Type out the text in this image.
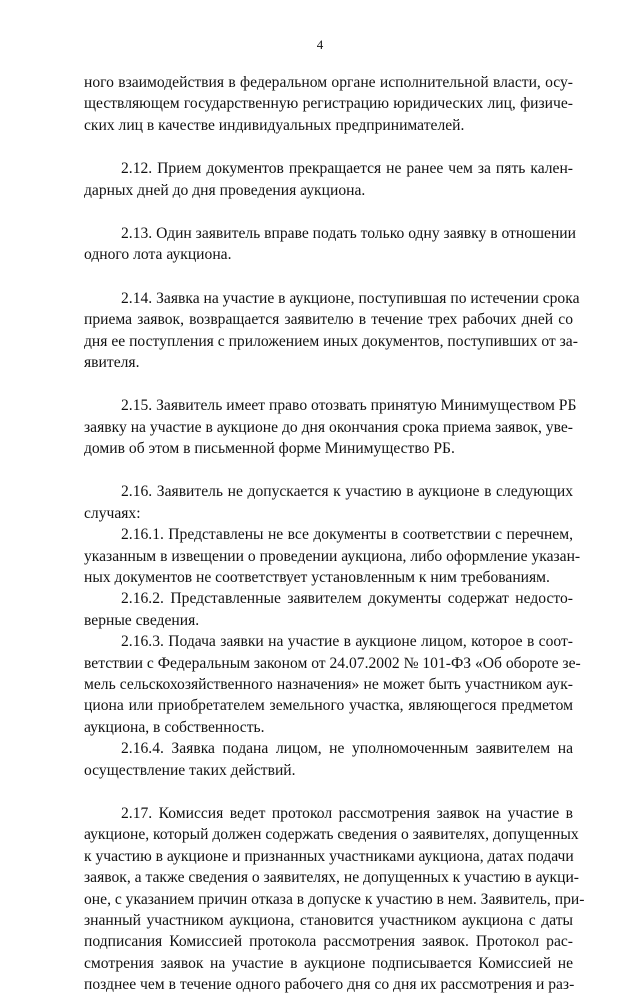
4
ного взаимодействия в федеральном органе исполнительной власти, осу-
ществляющем государственную регистрацию юридических лиц, физиче-
ских лиц в качестве индивидуальных предпринимателей.
2.12. Прием документов прекращается не ранее чем за пять кален-
дарных дней до дня проведения аукциона.
2.13. Один заявитель вправе подать только одну заявку в отношении
одного лота аукциона.
2.14. Заявка на участие в аукционе, поступившая по истечении срока
приема заявок, возвращается заявителю в течение трех рабочих дней со
дня ее поступления с приложением иных документов, поступивших от за-
явителя.
2.15. Заявитель имеет право отозвать принятую Минимуществом РБ
заявку на участие в аукционе до дня окончания срока приема заявок, уве-
домив об этом в письменной форме Минимущество РБ.
2.16. Заявитель не допускается к участию в аукционе в следующих
случаях:
2.16.1. Представлены не все документы в соответствии с перечнем,
указанным в извещении о проведении аукциона, либо оформление указан-
ных документов не соответствует установленным к ним требованиям.
2.16.2. Представленные заявителем документы содержат недосто-
верные сведения.
2.16.3. Подача заявки на участие в аукционе лицом, которое в соот-
ветствии с Федеральным законом от 24.07.2002 № 101-ФЗ «Об обороте зе-
мель сельскохозяйственного назначения» не может быть участником аук-
циона или приобретателем земельного участка, являющегося предметом
аукциона, в собственность.
2.16.4. Заявка подана лицом, не уполномоченным заявителем на
осуществление таких действий.
2.17. Комиссия ведет протокол рассмотрения заявок на участие в
аукционе, который должен содержать сведения о заявителях, допущенных
к участию в аукционе и признанных участниками аукциона, датах подачи
заявок, а также сведения о заявителях, не допущенных к участию в аукци-
оне, с указанием причин отказа в допуске к участию в нем. Заявитель, при-
знанный участником аукциона, становится участником аукциона с даты
подписания Комиссией протокола рассмотрения заявок. Протокол рас-
смотрения заявок на участие в аукционе подписывается Комиссией не
позднее чем в течение одного рабочего дня со дня их рассмотрения и раз-
